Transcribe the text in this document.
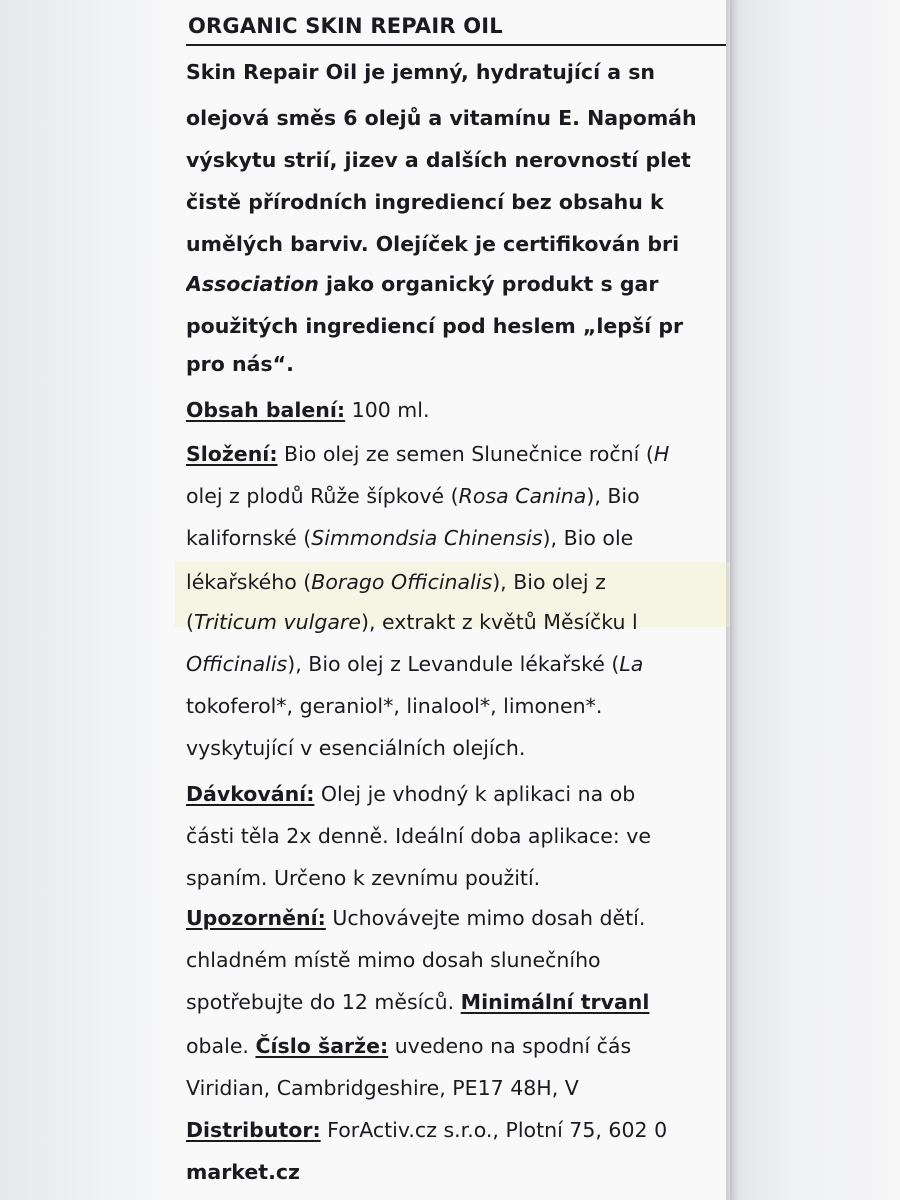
ORGANIC SKIN REPAIR OIL
Skin Repair Oil je jemný, hydratující a sn
olejová směs 6 olejů a vitamínu E. Napomáh
výskytu strií, jizev a dalších nerovností plet
čistě přírodních ingrediencí bez obsahu k
umělých barviv. Olejíček je certifikován bri
Association jako organický produkt s gar
použitých ingrediencí pod heslem „lepší pr
pro nás“.
Obsah balení: 100 ml.
Složení: Bio olej ze semen Slunečnice roční (H
olej z plodů Růže šípkové (Rosa Canina), Bio
kalifornské (Simmondsia Chinensis), Bio ole
lékařského (Borago Officinalis), Bio olej z
(Triticum vulgare), extrakt z květů Měsíčku l
Officinalis), Bio olej z Levandule lékařské (La
tokoferol*, geraniol*, linalool*, limonen*.
vyskytující v esenciálních olejích.
Dávkování: Olej je vhodný k aplikaci na ob
části těla 2x denně. Ideální doba aplikace: ve
spaním. Určeno k zevnímu použití.
Upozornění: Uchovávejte mimo dosah dětí.
chladném místě mimo dosah slunečního
spotřebujte do 12 měsíců. Minimální trvanl
obale. Číslo šarže: uvedeno na spodní čás
Viridian, Cambridgeshire, PE17 48H, V
Distributor: ForActiv.cz s.r.o., Plotní 75, 602 0
market.cz
